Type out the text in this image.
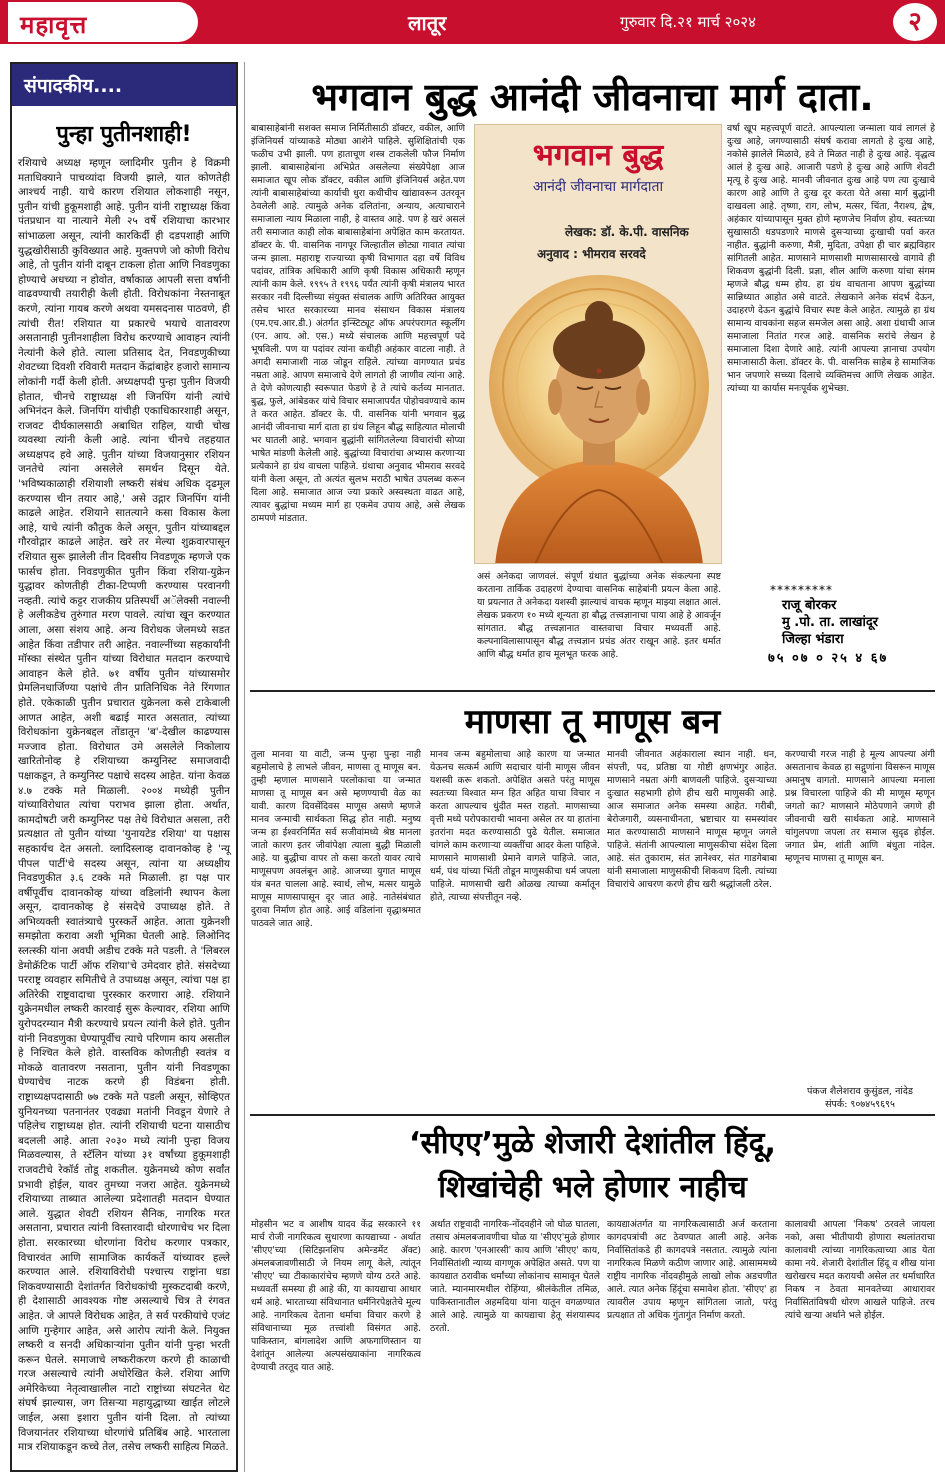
महावृत्त	लातूर	गुरुवार दि.२१ मार्च २०२४	२
संपादकीय....
पुन्हा पुतीनशाही!
रशियाचे अध्यक्ष म्हणून व्लादिमीर पुतीन हे विक्रमी मताधिक्याने पाचव्यांदा विजयी झाले, यात कोणतेही आश्चर्य नाही. याचे कारण रशियात लोकशाही नसून, पुतीन यांची हुकूमशाही आहे. पुतीन यांनी राष्ट्राध्यक्ष किंवा पंतप्रधान या नात्याने मेली २५ वर्षे रशियाचा कारभार सांभाळला असून, त्यांनी कारकिर्दी ही दडपशाही आणि युद्धखोरीसाठी कुविख्यात आहे. मुक्तपणे जो कोणी विरोध आहे, तो पुतीन यांनी दाबून टाकला होता आणि निवडणुका होण्याचे अधच्या न होवोत, वर्षाकाळ आपली सत्ता वर्षानी वाढवण्याची तयारीही केली होती. विरोधकांना नेस्तनाबूत करणे, त्यांना गायब करणे अथवा यमसदनास पाठवणे, ही त्यांची रीत! रशियात या प्रकारचे भयाचे वातावरण असतानाही पुतीनशाहीला विरोध करण्याचे आवाहन त्यांनी नेत्यांनी केले होते. त्याला प्रतिसाद देत, निवडणुकीच्या शेवटच्या दिवशी रविवारी मतदान केंद्रांबाहेर हजारो सामान्य लोकांनी गर्दी केली होती. अध्यक्षपदी पुन्हा पुतीन विजयी होतात, चीनचे राष्ट्राध्यक्ष शी जिनपिंग यांनी त्यांचे अभिनंदन केले. जिनपिंग यांचीही एकाधिकारशाही असून, राजवट दीर्घकालसाठी अबाधित राहिल, याची चोख व्यवस्था त्यांनी केली आहे. त्यांना चीनचे तहहयात अध्यक्षपद हवे आहे. पुतीन यांच्या विजयानुसार रशियन जनतेचे त्यांना असलेले समर्थन दिसून येते. 'भविष्यकाळाही रशियाशी लष्करी संबंध अधिक दृढमूल करण्यास चीन तयार आहे,' असे उद्गार जिनपिंग यांनी काढले आहेत. रशियाने सातत्याने कसा विकास केला आहे, याचे त्यांनी कौतुक केले असून, पुतीन यांच्याबद्दल गौरवोद्गार काढले आहेत. खरे तर मेल्या शुक्रवारपासून रशियात सुरू झालेली तीन दिवसीय निवडणूक म्हणजे एक फार्सच होता. निवडणुकीत पुतीन किंवा रशिया-युक्रेन युद्धावर कोणतीही टीका-टिप्पणी करण्यास परवानगी नव्हती. त्यांचे कट्टर राजकीय प्रतिस्पर्धी अॅलेक्सी नवाल्नी हे अलीकडेच तुरुंगात मरण पावले. त्यांचा खून करण्यात आला, असा संशय आहे. अन्य विरोधक जेलमध्ये सडत आहेत किंवा तडीपार तरी आहेत. नवाल्नींच्या सहकार्यांनी मॉस्का संस्थेत पुतीन यांच्या विरोधात मतदान करण्याचे आवाहन केले होते. ७१ वर्षीय पुतीन यांच्यासमोर प्रेमलिनधार्जिण्या पक्षांचे तीन प्रातिनिधिक नेते रिंगणात होते. एकेकाळी पुतीन प्रचारात युक्रेनला कसे टाकेबाली आणत आहेत, अशी बढाई मारत असतात, त्यांच्या विरोधकांना युक्रेनबद्दल तोंडातून 'ब'-देखील काढण्यास मज्जाव होता. विरोधात उमे असलेले निकोलाय खारितोनोव्ह हे रशियाच्या कम्युनिस्ट समाजवादी पक्षाकडून, ते कम्युनिस्ट पक्षाचे सदस्य आहेत. यांना केवळ ४.७ टक्के मते मिळाली. २००४ मध्येही पुतीन यांच्याविरोधात त्यांचा पराभव झाला होता. अर्थात, कामदोषटी जरी कम्युनिस्ट पक्ष तेथे विरोधात असला, तरी प्रत्यक्षात तो पुतीन यांच्या 'युनायटेड रशिया' या पक्षास सहकार्यच देत असतो. व्लादिस्लाव्ह दावानकोव्ह हे 'न्यू पीपल पार्टी'चे सदस्य असून, त्यांना या अध्यक्षीय निवडणुकीत ३.६ टक्के मते मिळाली. हा पक्ष पार वर्षीपूर्वीच दावानकोव्ह यांच्या वडिलांनी स्थापन केला असून, दावानकोव्ह हे संसदेचे उपाध्यक्ष होते. ते अभिव्यक्ती स्वातंत्र्याचे पुरस्कर्ते आहेत. आता युक्रेनशी समझोता करावा अशी भूमिका घेतली आहे. लिओनिद स्लत्स्की यांना अवघी अडीच टक्के मते पडली. ते 'लिबरल डेमोक्रॅटिक पार्टी ऑफ रशिया'चे उमेदवार होते. संसदेच्या परराष्ट्र व्यवहार समितीचे ते उपाध्यक्ष असून, त्यांचा पक्ष हा अतिरेकी राष्ट्रवादाचा पुरस्कार करणारा आहे. रशियाने युक्रेनमधील लष्करी कारवाई सुरू केल्यावर, रशिया आणि युरोपदरम्यान मैत्री करण्याचे प्रयत्न त्यांनी केले होते. पुतीन यांनी निवडणुका घेण्यापूर्वीच त्याचे परिणाम काय असतील हे निश्चित केले होते. वास्तविक कोणतीही स्वतंत्र व मोकळे वातावरण नसताना, पुतीन यांनी निवडणूका घेण्याचेच नाटक करणे ही विडंबना होती. राष्ट्राध्यक्षपदासाठी ७७ टक्के मते पडली असून, सोव्हिएत युनियनच्या पतनानंतर एवढ्या मतांनी निवडून येणारे ते पहिलेच राष्ट्राध्यक्ष होत. त्यांनी रशियाची घटना यासाठीच बदलली आहे. आता २०३० मध्ये त्यांनी पुन्हा विजय मिळवल्यास, ते स्टॅलिन यांच्या ३१ वर्षांच्या हुकूमशाही राजवटीचे रेकॉर्ड तोडू शकतील. युक्रेनमध्ये कोण सर्वांत प्रभावी होईल, यावर तुमच्या नजरा आहेत. युक्रेनमध्ये रशियाच्या ताब्यात आलेल्या प्रदेशातही मतदान घेण्यात आले. युद्धात शेवटी रशियन सैनिक, नागरिक मरत असताना, प्रचारात त्यांनी विस्तारवादी धोरणाचेच भर दिला होता. सरकारच्या धोरणांना विरोध करणार पत्रकार, विचारवंत आणि सामाजिक कार्यकर्ते यांच्यावर हल्ले करण्यात आले. रशियाविरोधी पश्चात्त्य राष्ट्रांना धडा शिकवण्यासाठी देशांतर्गत विरोधकांची मुस्कटदाबी करणे, ही देशासाठी आवश्यक गोष्ट असल्याचे चित्र ते रंगवत आहेत. जे आपले विरोधक आहेत, ते सर्व परकीयांचे एजंट आणि गुन्हेगार आहेत, असे आरोप त्यांनी केले. नियुक्त लष्करी व सनदी अधिकाऱ्यांना पुतीन यांनी पुन्हा भरती करून घेतले. समाजाचे लष्करीकरण करणे ही काळाची गरज असल्याचे त्यांनी अधोरेखित केले. रशिया आणि अमेरिकेच्या नेतृत्वाखालील नाटो राष्ट्रांच्या संघटनेत थेट संघर्ष झाल्यास, जग तिसऱ्या महायुद्धाच्या खाईत लोटले जाईल, असा इशारा पुतीन यांनी दिला. तो त्यांच्या विजयानंतर रशियाच्या धोरणांचे प्रतिबिंब आहे. भारताला मात्र रशियाकडून कच्चे तेल, तसेच लष्करी साहित्य मिळते.
भगवान बुद्ध आनंदी जीवनाचा मार्ग दाता.
बाबासाहेबांनी सशक्त समाज निर्मितीसाठी डॉक्टर, वकील, आणि इंजिनियर्स यांच्याकडे मोठ्या आशेने पाहिले. सुशिक्षितांची एक फळीच उभी झाली. पण हाताचूण शस्त्र टाकलेली फौज निर्माण झाली. बाबासाहेबांना अभिप्रेत असलेल्या संख्येपेक्षा आज समाजात खूप लोक डॉक्टर, वकील आणि इंजिनियर्स अहेत.पण त्यांनी बाबासाहेबांच्या कार्याची धुरा कधीचीच खांद्यावरून उतरवून ठेवलेली आहे. त्यामुळे अनेक दलितांना, अन्याय, अत्याचाराने समाजाला न्याय मिळाला नाही, हे वास्तव आहे. पण हे खरं असलं तरी समाजात काही लोक बाबासाहेबांना अपेक्षित काम करतायत. डॉक्टर के. पी. वासनिक नागपूर जिल्हातील छोट्या गावात त्यांचा जन्म झाला. महाराष्ट्र राज्याच्या कृषी विभागात दहा वर्षे विविध पदांवर, तांत्रिक अधिकारी आणि कृषी विकास अधिकारी म्हणून त्यांनी काम केले. १९९५ ते १९९६ पर्यंत त्यांनी कृषी मंत्रालय भारत सरकार नवी दिल्लीच्या संयुक्त संचालक आणि अतिरिक्त आयुक्त तसेच भारत सरकारच्या मानव संसाधन विकास मंत्रालय (एम.एच.आर.डी.) अंतर्गत इन्स्टिट्यूट ऑफ अपरंपरागत स्कूलींग (एन. आय. ओ. एस.) मध्ये संचालक आणि महत्त्वपूर्ण पदे भूषविली. पण या पदांवर त्यांना कधीही अहंकार वाटला नाही. ते अगदी समाजाशी नाळ जोडून राहिले. त्यांच्या वागण्यात प्रचंड नम्रता आहे. आपण समाजाचे देणे लागतो ही जाणीव त्यांना आहे. ते देणे कोणत्याही स्वरूपात फेडणे हे ते त्यांचे कर्तव्य मानतात. बुद्ध, फुले, आंबेडकर यांचे विचार समाजापर्यंत पोहोचवण्याचे काम ते करत आहेत. डॉक्टर के. पी. वासनिक यांनी भगवान बुद्ध आनंदी जीवनाचा मार्ग दाता हा ग्रंथ लिहून बौद्ध साहित्यात मोलाची भर घातली आहे. भगवान बुद्धांनी सांगितलेल्या विचारांची सोप्या भाषेत मांडणी केलेली आहे. बुद्धांच्या विचारांचा अभ्यास करणाऱ्या प्रत्येकाने हा ग्रंथ वाचला पाहिजे. ग्रंथाचा अनुवाद भीमराव सरवदे यांनी केला असून, तो अत्यंत सुलभ मराठी भाषेत उपलब्ध करून दिला आहे. समाजात आज ज्या प्रकारे अस्वस्थता वाढत आहे, त्यावर बुद्धांचा मध्यम मार्ग हा एकमेव उपाय आहे, असे लेखक ठामपणे मांडतात.
भगवान बुद्ध
आनंदी जीवनाचा मार्गदाता
लेखक: डॉ. के.पी. वासनिक
अनुवाद : भीमराव सरवदे
वर्षा खूप महत्त्वपूर्ण वाटते. आपल्याला जन्माला यावं लागलं हे दुःख आहे, जगण्यासाठी संघर्ष करावा लागतो हे दुःख आहे, नकोसे झालेले मिळावे, हवे ते मिळत नाही हे दुःख आहे. वृद्धत्व आलं हे दुःख आहे. आजारी पडणे हे दुःख आहे आणि शेवटी मृत्यू हे दुःख आहे. मानवी जीवनात दुःख आहे पण त्या दुःखाचे कारण आहे आणि ते दुःख दूर करता येते असा मार्ग बुद्धांनी दाखवला आहे. तृष्णा, राग, लोभ, मत्सर, चिंता, नैराश्य, द्वेष, अहंकार यांच्यापासून मुक्त होणे म्हणजेच निर्वाण होय. स्वतःच्या सुखासाठी धडपडणारे माणसे दुसऱ्याच्या दुःखाची पर्वा करत नाहीत. बुद्धांनी करुणा, मैत्री, मुदिता, उपेक्षा ही चार ब्रह्मविहार सांगितली आहेत. माणसाने माणसाशी माणसासारखे वागावे ही शिकवण बुद्धांनी दिली. प्रज्ञा, शील आणि करुणा यांचा संगम म्हणजे बौद्ध धम्म होय. हा ग्रंथ वाचताना आपण बुद्धांच्या सान्निध्यात आहोत असे वाटते. लेखकाने अनेक संदर्भ देऊन, उदाहरणे देऊन बुद्धांचे विचार स्पष्ट केले आहेत. त्यामुळे हा ग्रंथ सामान्य वाचकांना सहज समजेल असा आहे. अशा ग्रंथाची आज समाजाला नितांत गरज आहे. वासनिक सरांचे लेखन हे समाजाला दिशा देणारे आहे. त्यांनी आपल्या ज्ञानाचा उपयोग समाजासाठी केला. डॉक्टर के. पी. वासनिक साहेब हे सामाजिक भान जपणारे सच्च्या दिलाचे व्यक्तिमत्त्व आणि लेखक आहेत. त्यांच्या या कार्यास मनःपूर्वक शुभेच्छा.
असं अनेकदा जाणवलं. संपूर्ण ग्रंथात बुद्धांच्या अनेक संकल्पना स्पष्ट करताना तार्किक उदाहरणं देण्याचा वासनिक साहेबांनी प्रयत्न केला आहे. या प्रयत्नात ते अनेकदा यशस्वी झाल्याचं वाचक म्हणून माझ्या लक्षात आलं. लेखक प्रकरण १० मध्ये शून्यता हा बौद्ध तत्त्वज्ञानाचा पाया आहे हे आवर्जून सांगतात. बौद्ध तत्त्वज्ञानात वास्तवाचा विचार मध्यवर्ती आहे. कल्पनाविलासापासून बौद्ध तत्त्वज्ञान प्रचंड अंतर राखून आहे. इतर धर्मात आणि बौद्ध धर्मात हाच मूलभूत फरक आहे.
*********
राजू बोरकर
मु .पो. ता. लाखांदूर
जिल्हा भंडारा
७५ ०७ ० २५ ४ ६७
माणसा तू माणूस बन
तुला मानवा या वाटी, जन्म पुन्हा पुन्हा नाही बहुमोलाचे हे लाभले जीवन, माणसा तू माणूस बन. तुम्ही म्हणाल माणसाने परलोकाचा या जन्मात माणसा तू माणूस बन असे म्हणण्याची वेळ का यावी. कारण दिवसेंदिवस माणूस असणे म्हणजे मानव जन्माची सार्थकता सिद्ध होत नाही. मनुष्य जन्म हा ईश्वरनिर्मित सर्व सजीवांमध्ये श्रेष्ठ मानला जातो कारण इतर जीवांपेक्षा त्याला बुद्धी मिळाली आहे. या बुद्धीचा वापर तो कसा करतो यावर त्याचे माणूसपण अवलंबून आहे. आजच्या युगात माणूस यंत्र बनत चालला आहे. स्वार्थ, लोभ, मत्सर यामुळे माणूस माणसापासून दूर जात आहे. नातेसंबंधात दुरावा निर्माण होत आहे. आई वडिलांना वृद्धाश्रमात पाठवले जात आहे.
मानव जन्म बहुमोलाचा आहे कारण या जन्मात येऊनच सत्कर्म आणि सदाचार यांनी माणूस जीवन यशस्वी करू शकतो. अपेक्षित असते परंतु माणूस स्वतःच्या विश्वात मग्न हित अहित याचा विचार न करता आपल्याच धुंदीत मस्त राहतो. माणसाच्या वृत्ती मध्ये परोपकाराची भावना असेल तर या हातांना इतरांना मदत करण्यासाठी पुढे येतील. समाजात चांगले काम करणाऱ्या व्यक्तींचा आदर केला पाहिजे. माणसाने माणसाशी प्रेमाने वागले पाहिजे. जात, धर्म, पंथ यांच्या भिंती तोडून माणुसकीचा धर्म जपला पाहिजे. माणसाची खरी ओळख त्याच्या कर्मातून होते, त्याच्या संपत्तीतून नव्हे.
मानवी जीवनात अहंकाराला स्थान नाही. धन, संपत्ती, पद, प्रतिष्ठा या गोष्टी क्षणभंगुर आहेत. माणसाने नम्रता अंगी बाणवली पाहिजे. दुसऱ्याच्या दुःखात सहभागी होणे हीच खरी माणुसकी आहे. आज समाजात अनेक समस्या आहेत. गरीबी, बेरोजगारी, व्यसनाधीनता, भ्रष्टाचार या समस्यांवर मात करण्यासाठी माणसाने माणूस म्हणून जगले पाहिजे. संतांनी आपल्याला माणुसकीचा संदेश दिला आहे. संत तुकाराम, संत ज्ञानेश्वर, संत गाडगेबाबा यांनी समाजाला माणुसकीची शिकवण दिली. त्यांच्या विचारांचे आचरण करणे हीच खरी श्रद्धांजली ठरेल.
करण्याची गरज नाही हे मूल्य आपल्या अंगी असतानाच केवळ हा सद्गुणांना विसरून माणूस अमानुष वागतो. माणसाने आपल्या मनाला प्रश्न विचारला पाहिजे की मी माणूस म्हणून जगतो का? माणसाने मोठेपणाने जगणे ही जीवनाची खरी सार्थकता आहे. माणसाने चांगुलपणा जपला तर समाज सुदृढ होईल. जगात प्रेम, शांती आणि बंधुता नांदेल. म्हणूनच माणसा तू माणूस बन.
पंकज शैलेशराव कुसुंडल, नांदेड
संपर्क: ९०७४५९६९५
‘सीएए’मुळे शेजारी देशांतील हिंदू,
शिखांचेही भले होणार नाहीच
मोहसीन भट व आशीष यादव केंद्र सरकारने ११ मार्च रोजी नागरिकत्व सुधारणा कायद्याच्या - अर्थात 'सीएए'च्या (सिटिझनशिप अमेन्डमेंट ॲक्ट) अंमलबजावणीसाठी जे नियम लागू केले, त्यांतून 'सीएए' च्या टीकाकारांचेच म्हणणे योग्य ठरते आहे. मध्यवर्ती समस्या ही आहे की, या कायद्याचा आधार धर्म आहे. भारताच्या संविधानात धर्मनिरपेक्षतेचे मूल्य आहे. नागरिकत्व देताना धर्माचा विचार करणे हे संविधानाच्या मूळ तत्त्वांशी विसंगत आहे. पाकिस्तान, बांगलादेश आणि अफगाणिस्तान या देशांतून आलेल्या अल्पसंख्याकांना नागरिकत्व देण्याची तरतूद यात आहे.
अर्थात राष्ट्रवादी नागरिक-नोंदवहीने जो घोळ घातला, तसाच अंमलबजावणीचा घोळ या 'सीएए'मुळे होणार आहे. कारण 'एनआरसी' काय आणि 'सीएए' काय, निर्वासितांशी न्याय्य वागणूक अपेक्षित असते. पण या कायद्यात ठरावीक धर्मांच्या लोकांनाच सामावून घेतले जाते. म्यानमारमधील रोहिंग्या, श्रीलंकेतील तमिळ, पाकिस्तानातील अहमदिया यांना यातून वगळण्यात आले आहे. त्यामुळे या कायद्याचा हेतू संशयास्पद ठरतो.
कायद्याअंतर्गत या नागरिकत्वासाठी अर्ज करताना कागदपत्रांची अट ठेवण्यात आली आहे. अनेक निर्वासितांकडे ही कागदपत्रे नसतात. त्यामुळे त्यांना नागरिकत्व मिळणे कठीण जाणार आहे. आसाममध्ये राष्ट्रीय नागरिक नोंदवहीमुळे लाखो लोक अडचणीत आले. त्यात अनेक हिंदूंचा समावेश होता. 'सीएए' हा त्यावरील उपाय म्हणून सांगितला जातो, परंतु प्रत्यक्षात तो अधिक गुंतागुंत निर्माण करतो.
कालावधी आपला 'निकष' ठरवले जायला नको, असा भीतीपायी होणारा स्थलांतराचा कालावधी त्यांच्या नागरिकत्वाच्या आड येता कामा नये. शेजारी देशांतील हिंदू व शीख यांना खरोखरच मदत करायची असेल तर धर्माधारित निकष न ठेवता मानवतेच्या आधारावर निर्वासितांविषयी धोरण आखले पाहिजे. तरच त्यांचे खऱ्या अर्थाने भले होईल.
